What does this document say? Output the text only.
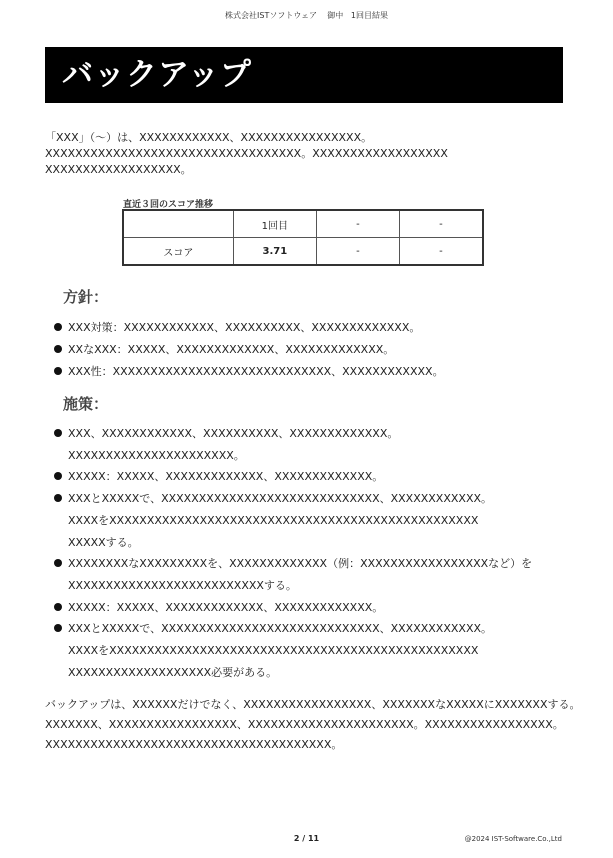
株式会社ISTソフトウェア 御中 1回目結果
バックアップ
「XXX」（～）は、XXXXXXXXXXXX、XXXXXXXXXXXXXXXX。
XXXXXXXXXXXXXXXXXXXXXXXXXXXXXXXXXX。XXXXXXXXXXXXXXXXXX
XXXXXXXXXXXXXXXXXX。
直近３回のスコア推移
	1回目	-	-
スコア	3.71	-	-
方針：
XXX対策：XXXXXXXXXXXX、XXXXXXXXXX、XXXXXXXXXXXXX。
XXなXXX：XXXXX、XXXXXXXXXXXXX、XXXXXXXXXXXXX。
XXX性：XXXXXXXXXXXXXXXXXXXXXXXXXXXXX、XXXXXXXXXXXX。
施策：
XXX、XXXXXXXXXXXX、XXXXXXXXXX、XXXXXXXXXXXXX。
XXXXXXXXXXXXXXXXXXXXXX。
XXXXX：XXXXX、XXXXXXXXXXXXX、XXXXXXXXXXXXX。
XXXとXXXXXで、XXXXXXXXXXXXXXXXXXXXXXXXXXXXX、XXXXXXXXXXXX。
XXXXをXXXXXXXXXXXXXXXXXXXXXXXXXXXXXXXXXXXXXXXXXXXXXXXXX
XXXXXする。
XXXXXXXXなXXXXXXXXXを、XXXXXXXXXXXXX（例：XXXXXXXXXXXXXXXXXなど）を
XXXXXXXXXXXXXXXXXXXXXXXXXXする。
XXXXX：XXXXX、XXXXXXXXXXXXX、XXXXXXXXXXXXX。
XXXとXXXXXで、XXXXXXXXXXXXXXXXXXXXXXXXXXXXX、XXXXXXXXXXXX。
XXXXをXXXXXXXXXXXXXXXXXXXXXXXXXXXXXXXXXXXXXXXXXXXXXXXXX
XXXXXXXXXXXXXXXXXXX必要がある。
バックアップは、XXXXXXだけでなく、XXXXXXXXXXXXXXXXX、XXXXXXXなXXXXXにXXXXXXXする。
XXXXXXX、XXXXXXXXXXXXXXXXX、XXXXXXXXXXXXXXXXXXXXXX。XXXXXXXXXXXXXXXXX。
XXXXXXXXXXXXXXXXXXXXXXXXXXXXXXXXXXXXXX。
2 / 11	@2024 IST-Software.Co.,Ltd
